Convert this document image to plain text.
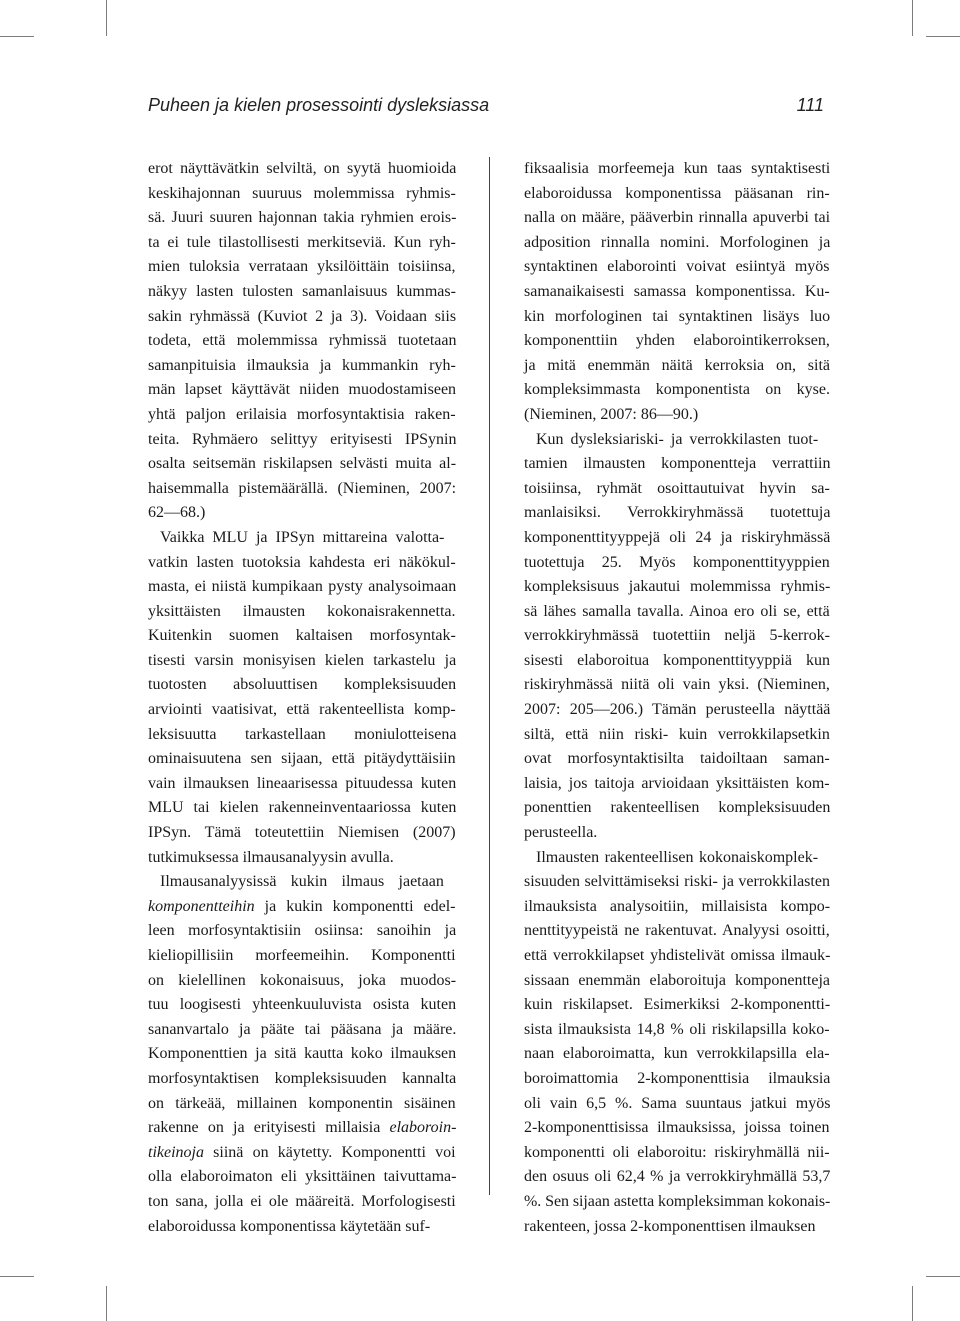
Puheen ja kielen prosessointi dysleksiassa	111
erot näyttävätkin selviltä, on syytä huomioida
keskihajonnan suuruus molemmissa ryhmis-
sä. Juuri suuren hajonnan takia ryhmien erois-
ta ei tule tilastollisesti merkitseviä. Kun ryh-
mien tuloksia verrataan yksilöittäin toisiinsa,
näkyy lasten tulosten samanlaisuus kummas-
sakin ryhmässä (Kuviot 2 ja 3). Voidaan siis
todeta, että molemmissa ryhmissä tuotetaan
samanpituisia ilmauksia ja kummankin ryh-
män lapset käyttävät niiden muodostamiseen
yhtä paljon erilaisia morfosyntaktisia raken-
teita. Ryhmäero selittyy erityisesti IPSynin
osalta seitsemän riskilapsen selvästi muita al-
haisemmalla pistemäärällä. (Nieminen, 2007:
62—68.)
Vaikka MLU ja IPSyn mittareina valotta-
vatkin lasten tuotoksia kahdesta eri näkökul-
masta, ei niistä kumpikaan pysty analysoimaan
yksittäisten ilmausten kokonaisrakennetta.
Kuitenkin suomen kaltaisen morfosyntak-
tisesti varsin monisyisen kielen tarkastelu ja
tuotosten absoluuttisen kompleksisuuden
arviointi vaatisivat, että rakenteellista komp-
leksisuutta tarkastellaan moniulotteisena
ominaisuutena sen sijaan, että pitäydyttäisiin
vain ilmauksen lineaarisessa pituudessa kuten
MLU tai kielen rakenneinventaariossa kuten
IPSyn. Tämä toteutettiin Niemisen (2007)
tutkimuksessa ilmausanalyysin avulla.
Ilmausanalyysissä kukin ilmaus jaetaan
komponentteihin ja kukin komponentti edel-
leen morfosyntaktisiin osiinsa: sanoihin ja
kieliopillisiin morfeemeihin. Komponentti
on kielellinen kokonaisuus, joka muodos-
tuu loogisesti yhteenkuuluvista osista kuten
sananvartalo ja pääte tai pääsana ja määre.
Komponenttien ja sitä kautta koko ilmauksen
morfosyntaktisen kompleksisuuden kannalta
on tärkeää, millainen komponentin sisäinen
rakenne on ja erityisesti millaisia elaboroin-
tikeinoja siinä on käytetty. Komponentti voi
olla elaboroimaton eli yksittäinen taivuttama-
ton sana, jolla ei ole määreitä. Morfologisesti
elaboroidussa komponentissa käytetään suf-
fiksaalisia morfeemeja kun taas syntaktisesti
elaboroidussa komponentissa pääsanan rin-
nalla on määre, pääverbin rinnalla apuverbi tai
adposition rinnalla nomini. Morfologinen ja
syntaktinen elaborointi voivat esiintyä myös
samanaikaisesti samassa komponentissa. Ku-
kin morfologinen tai syntaktinen lisäys luo
komponenttiin yhden elaborointikerroksen,
ja mitä enemmän näitä kerroksia on, sitä
kompleksimmasta komponentista on kyse.
(Nieminen, 2007: 86—90.)
Kun dysleksiariski- ja verrokkilasten tuot-
tamien ilmausten komponentteja verrattiin
toisiinsa, ryhmät osoittautuivat hyvin sa-
manlaisiksi. Verrokkiryhmässä tuotettuja
komponenttityyppejä oli 24 ja riskiryhmässä
tuotettuja 25. Myös komponenttityyppien
kompleksisuus jakautui molemmissa ryhmis-
sä lähes samalla tavalla. Ainoa ero oli se, että
verrokkiryhmässä tuotettiin neljä 5-kerrok-
sisesti elaboroitua komponenttityyppiä kun
riskiryhmässä niitä oli vain yksi. (Nieminen,
2007: 205—206.) Tämän perusteella näyttää
siltä, että niin riski- kuin verrokkilapsetkin
ovat morfosyntaktisilta taidoiltaan saman-
laisia, jos taitoja arvioidaan yksittäisten kom-
ponenttien rakenteellisen kompleksisuuden
perusteella.
Ilmausten rakenteellisen kokonaiskomplek-
sisuuden selvittämiseksi riski- ja verrokkilasten
ilmauksista analysoitiin, millaisista kompo-
nenttityypeistä ne rakentuvat. Analyysi osoitti,
että verrokkilapset yhdistelivät omissa ilmauk-
sissaan enemmän elaboroituja komponentteja
kuin riskilapset. Esimerkiksi 2-komponentti-
sista ilmauksista 14,8 % oli riskilapsilla koko-
naan elaboroimatta, kun verrokkilapsilla ela-
boroimattomia 2-komponenttisia ilmauksia
oli vain 6,5 %. Sama suuntaus jatkui myös
2-komponenttisissa ilmauksissa, joissa toinen
komponentti oli elaboroitu: riskiryhmällä nii-
den osuus oli 62,4 % ja verrokkiryhmällä 53,7
%. Sen sijaan astetta kompleksimman kokonais-
rakenteen, jossa 2-komponenttisen ilmauksen
